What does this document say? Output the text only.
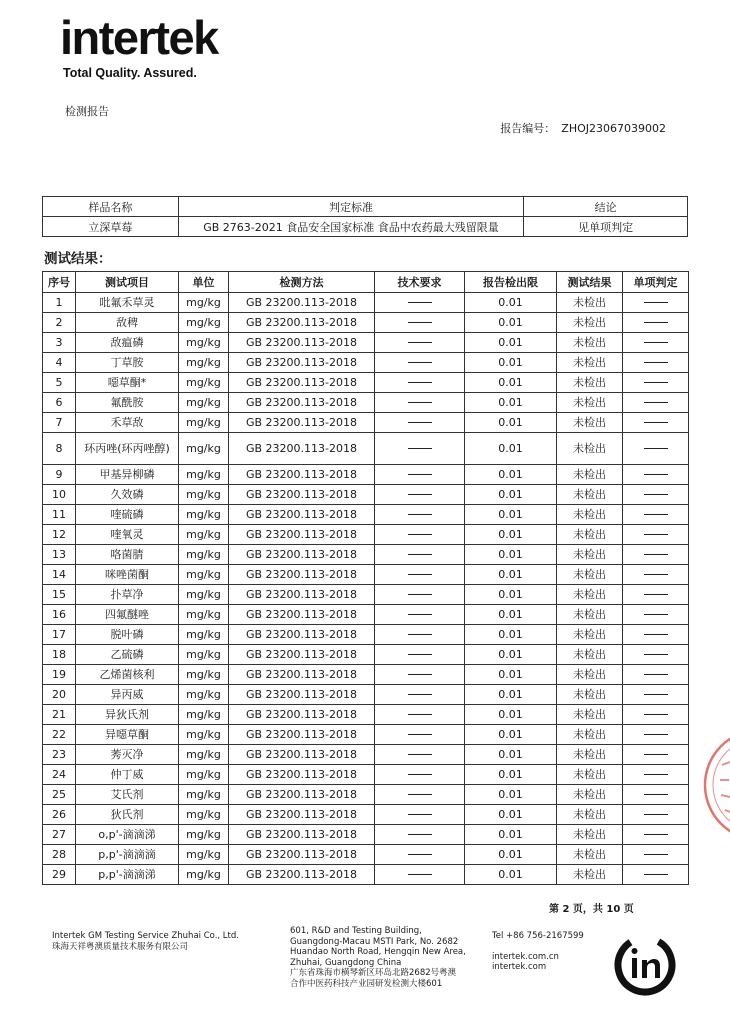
intertek
Total Quality. Assured.
检测报告
报告编号： ZHOJ23067039002
样品名称	判定标准	结论
立深草莓	GB 2763-2021 食品安全国家标准 食品中农药最大残留限量	见单项判定
测试结果：
序号	测试项目	单位	检测方法	技术要求	报告检出限	测试结果	单项判定
1	吡氟禾草灵	mg/kg	GB 23200.113-2018		0.01	未检出	
2	敌稗	mg/kg	GB 23200.113-2018		0.01	未检出	
3	敌瘟磷	mg/kg	GB 23200.113-2018		0.01	未检出	
4	丁草胺	mg/kg	GB 23200.113-2018		0.01	未检出	
5	噁草酮*	mg/kg	GB 23200.113-2018		0.01	未检出	
6	氟酰胺	mg/kg	GB 23200.113-2018		0.01	未检出	
7	禾草敌	mg/kg	GB 23200.113-2018		0.01	未检出	
8	环丙唑(环丙唑醇)	mg/kg	GB 23200.113-2018		0.01	未检出	
9	甲基异柳磷	mg/kg	GB 23200.113-2018		0.01	未检出	
10	久效磷	mg/kg	GB 23200.113-2018		0.01	未检出	
11	喹硫磷	mg/kg	GB 23200.113-2018		0.01	未检出	
12	喹氧灵	mg/kg	GB 23200.113-2018		0.01	未检出	
13	咯菌腈	mg/kg	GB 23200.113-2018		0.01	未检出	
14	咪唑菌酮	mg/kg	GB 23200.113-2018		0.01	未检出	
15	扑草净	mg/kg	GB 23200.113-2018		0.01	未检出	
16	四氟醚唑	mg/kg	GB 23200.113-2018		0.01	未检出	
17	脱叶磷	mg/kg	GB 23200.113-2018		0.01	未检出	
18	乙硫磷	mg/kg	GB 23200.113-2018		0.01	未检出	
19	乙烯菌核利	mg/kg	GB 23200.113-2018		0.01	未检出	
20	异丙威	mg/kg	GB 23200.113-2018		0.01	未检出	
21	异狄氏剂	mg/kg	GB 23200.113-2018		0.01	未检出	
22	异噁草酮	mg/kg	GB 23200.113-2018		0.01	未检出	
23	莠灭净	mg/kg	GB 23200.113-2018		0.01	未检出	
24	仲丁威	mg/kg	GB 23200.113-2018		0.01	未检出	
25	艾氏剂	mg/kg	GB 23200.113-2018		0.01	未检出	
26	狄氏剂	mg/kg	GB 23200.113-2018		0.01	未检出	
27	o,p'-滴滴涕	mg/kg	GB 23200.113-2018		0.01	未检出	
28	p,p'-滴滴滴	mg/kg	GB 23200.113-2018		0.01	未检出	
29	p,p'-滴滴涕	mg/kg	GB 23200.113-2018		0.01	未检出	
第 2 页，共 10 页
Intertek GM Testing Service Zhuhai Co., Ltd.
珠海天祥粤澳质量技术服务有限公司
601, R&D and Testing Building,
Guangdong-Macau MSTI Park, No. 2682
Huandao North Road, Hengqin New Area,
Zhuhai, Guangdong China
广东省珠海市横琴新区环岛北路2682号粤澳
合作中医药科技产业园研发检测大楼601
Tel +86 756-2167599
intertek.com.cn
intertek.com
